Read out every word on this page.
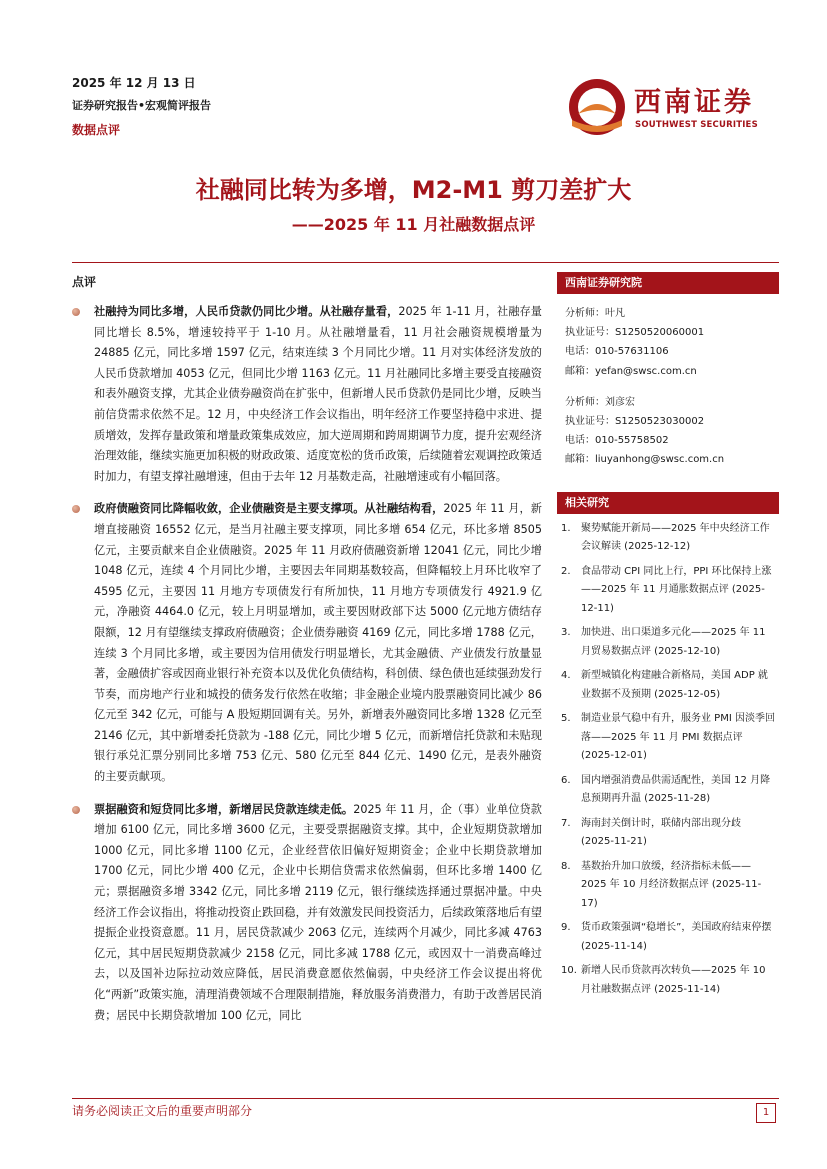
2025 年 12 月 13 日
证券研究报告•宏观简评报告
数据点评
西南证券
SOUTHWEST SECURITIES
社融同比转为多增，M2-M1 剪刀差扩大
——2025 年 11 月社融数据点评
点评

社融持为同比多增，人民币贷款仍同比少增。从社融存量看，2025 年 1-11 月，社融存量同比增长 8.5%，增速较持平于 1-10 月。从社融增量看，11 月社会融资规模增量为 24885 亿元，同比多增 1597 亿元，结束连续 3 个月同比少增。11 月对实体经济发放的人民币贷款增加 4053 亿元，但同比少增 1163 亿元。11 月社融同比多增主要受直接融资和表外融资支撑，尤其企业债券融资尚在扩张中，但新增人民币贷款仍是同比少增，反映当前信贷需求依然不足。12 月，中央经济工作会议指出，明年经济工作要坚持稳中求进、提质增效，发挥存量政策和增量政策集成效应，加大逆周期和跨周期调节力度，提升宏观经济治理效能，继续实施更加积极的财政政策、适度宽松的货币政策，后续随着宏观调控政策适时加力，有望支撑社融增速，但由于去年 12 月基数走高，社融增速或有小幅回落。

政府债融资同比降幅收敛，企业债融资是主要支撑项。从社融结构看，2025 年 11 月，新增直接融资 16552 亿元，是当月社融主要支撑项，同比多增 654 亿元，环比多增 8505 亿元，主要贡献来自企业债融资。2025 年 11 月政府债融资新增 12041 亿元，同比少增 1048 亿元，连续 4 个月同比少增，主要因去年同期基数较高，但降幅较上月环比收窄了 4595 亿元，主要因 11 月地方专项债发行有所加快，11 月地方专项债发行 4921.9 亿元，净融资 4464.0 亿元，较上月明显增加，或主要因财政部下达 5000 亿元地方债结存限额，12 月有望继续支撑政府债融资；企业债券融资 4169 亿元，同比多增 1788 亿元，连续 3 个月同比多增，或主要因为信用债发行明显增长，尤其金融债、产业债发行放量显著，金融债扩容或因商业银行补充资本以及优化负债结构，科创债、绿色债也延续强劲发行节奏，而房地产行业和城投的债务发行依然在收缩；非金融企业境内股票融资同比减少 86 亿元至 342 亿元，可能与 A 股短期回调有关。另外，新增表外融资同比多增 1328 亿元至 2146 亿元，其中新增委托贷款为 -188 亿元，同比少增 5 亿元，而新增信托贷款和未贴现银行承兑汇票分别同比多增 753 亿元、580 亿元至 844 亿元、1490 亿元，是表外融资的主要贡献项。

票据融资和短贷同比多增，新增居民贷款连续走低。2025 年 11 月，企（事）业单位贷款增加 6100 亿元，同比多增 3600 亿元，主要受票据融资支撑。其中，企业短期贷款增加 1000 亿元，同比多增 1100 亿元，企业经营依旧偏好短期资金；企业中长期贷款增加 1700 亿元，同比少增 400 亿元，企业中长期信贷需求依然偏弱，但环比多增 1400 亿元；票据融资多增 3342 亿元，同比多增 2119 亿元，银行继续选择通过票据冲量。中央经济工作会议指出，将推动投资止跌回稳，并有效激发民间投资活力，后续政策落地后有望提振企业投资意愿。11 月，居民贷款减少 2063 亿元，连续两个月减少，同比多减 4763 亿元，其中居民短期贷款减少 2158 亿元，同比多减 1788 亿元，或因双十一消费高峰过去，以及国补边际拉动效应降低，居民消费意愿依然偏弱，中央经济工作会议提出将优化“两新”政策实施，清理消费领域不合理限制措施，释放服务消费潜力，有助于改善居民消费；居民中长期贷款增加 100 亿元，同比

西南证券研究院
分析师：叶凡
执业证号：S1250520060001
电话：010-57631106
邮箱：yefan@swsc.com.cn
分析师：刘彦宏
执业证号：S1250523030002
电话：010-55758502
邮箱：liuyanhong@swsc.com.cn
相关研究
1. 聚势赋能开新局——2025 年中央经济工作会议解读 (2025-12-12)
2. 食品带动 CPI 同比上行，PPI 环比保持上涨——2025 年 11 月通胀数据点评 (2025-12-11)
3. 加快进、出口渠道多元化——2025 年 11 月贸易数据点评 (2025-12-10)
4. 新型城镇化构建融合新格局，美国 ADP 就业数据不及预期 (2025-12-05)
5. 制造业景气稳中有升，服务业 PMI 因淡季回落——2025 年 11 月 PMI 数据点评 (2025-12-01)
6. 国内增强消费品供需适配性，美国 12 月降息预期再升温 (2025-11-28)
7. 海南封关倒计时，联储内部出现分歧 (2025-11-21)
8. 基数抬升加口放缓，经济指标未低——2025 年 10 月经济数据点评 (2025-11-17)
9. 货币政策强调“稳增长”，美国政府结束停摆 (2025-11-14)
10. 新增人民币贷款再次转负——2025 年 10 月社融数据点评 (2025-11-14)
请务必阅读正文后的重要声明部分	1
